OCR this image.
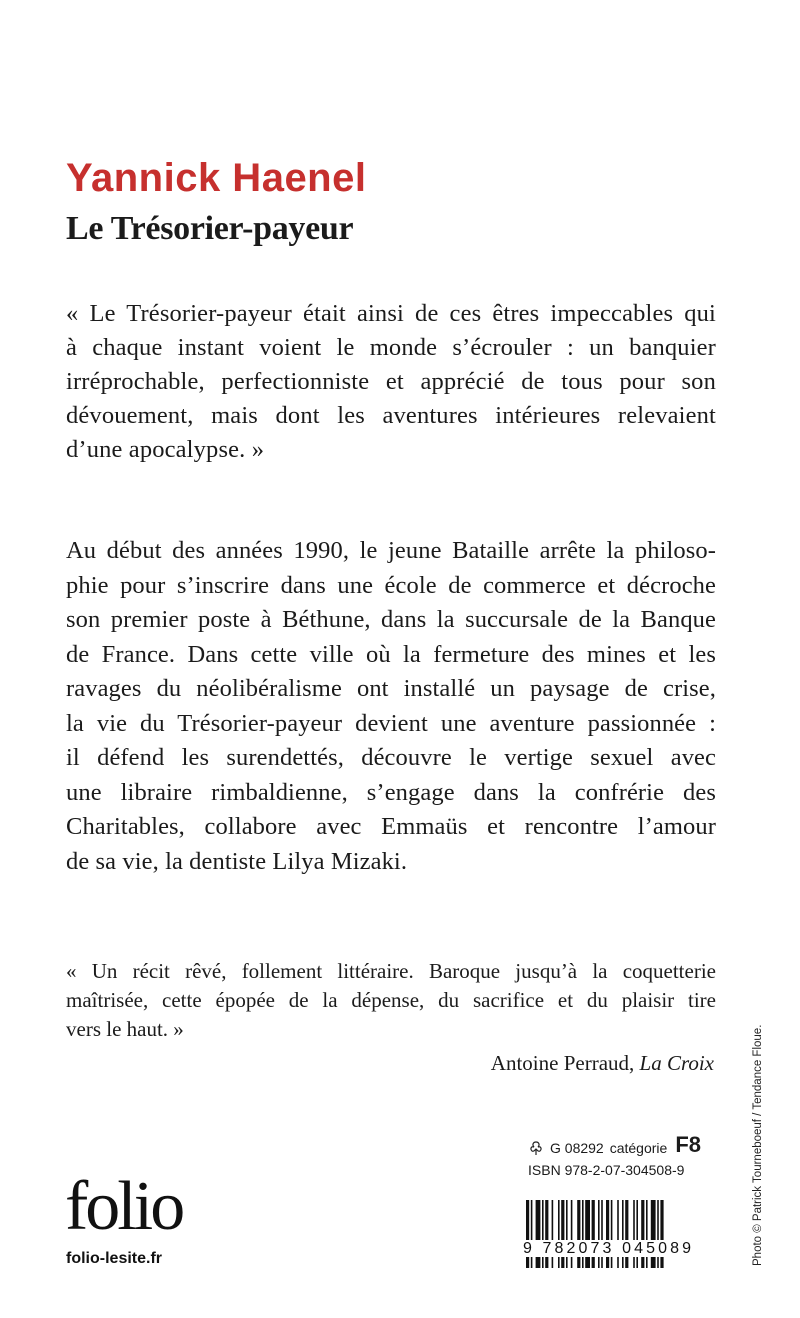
Yannick Haenel
Le Trésorier-payeur

« Le Trésorier-payeur était ainsi de ces êtres impeccables qui
à chaque instant voient le monde s’écrouler : un banquier
irréprochable, perfectionniste et apprécié de tous pour son
dévouement, mais dont les aventures intérieures relevaient
d’une apocalypse. »

Au début des années 1990, le jeune Bataille arrête la philoso-
phie pour s’inscrire dans une école de commerce et décroche
son premier poste à Béthune, dans la succursale de la Banque
de France. Dans cette ville où la fermeture des mines et les
ravages du néolibéralisme ont installé un paysage de crise,
la vie du Trésorier-payeur devient une aventure passionnée :
il défend les surendettés, découvre le vertige sexuel avec
une libraire rimbaldienne, s’engage dans la confrérie des
Charitables, collabore avec Emmaüs et rencontre l’amour
de sa vie, la dentiste Lilya Mizaki.

« Un récit rêvé, follement littéraire. Baroque jusqu’à la coquetterie
maîtrisée, cette épopée de la dépense, du sacrifice et du plaisir tire
vers le haut. »

Antoine Perraud, La Croix

G 08292 catégorie F8
ISBN 978-2-07-304508-9
9 782073 045089
folio
folio-lesite.fr	Photo © Patrick Tourneboeuf / Tendance Floue.
